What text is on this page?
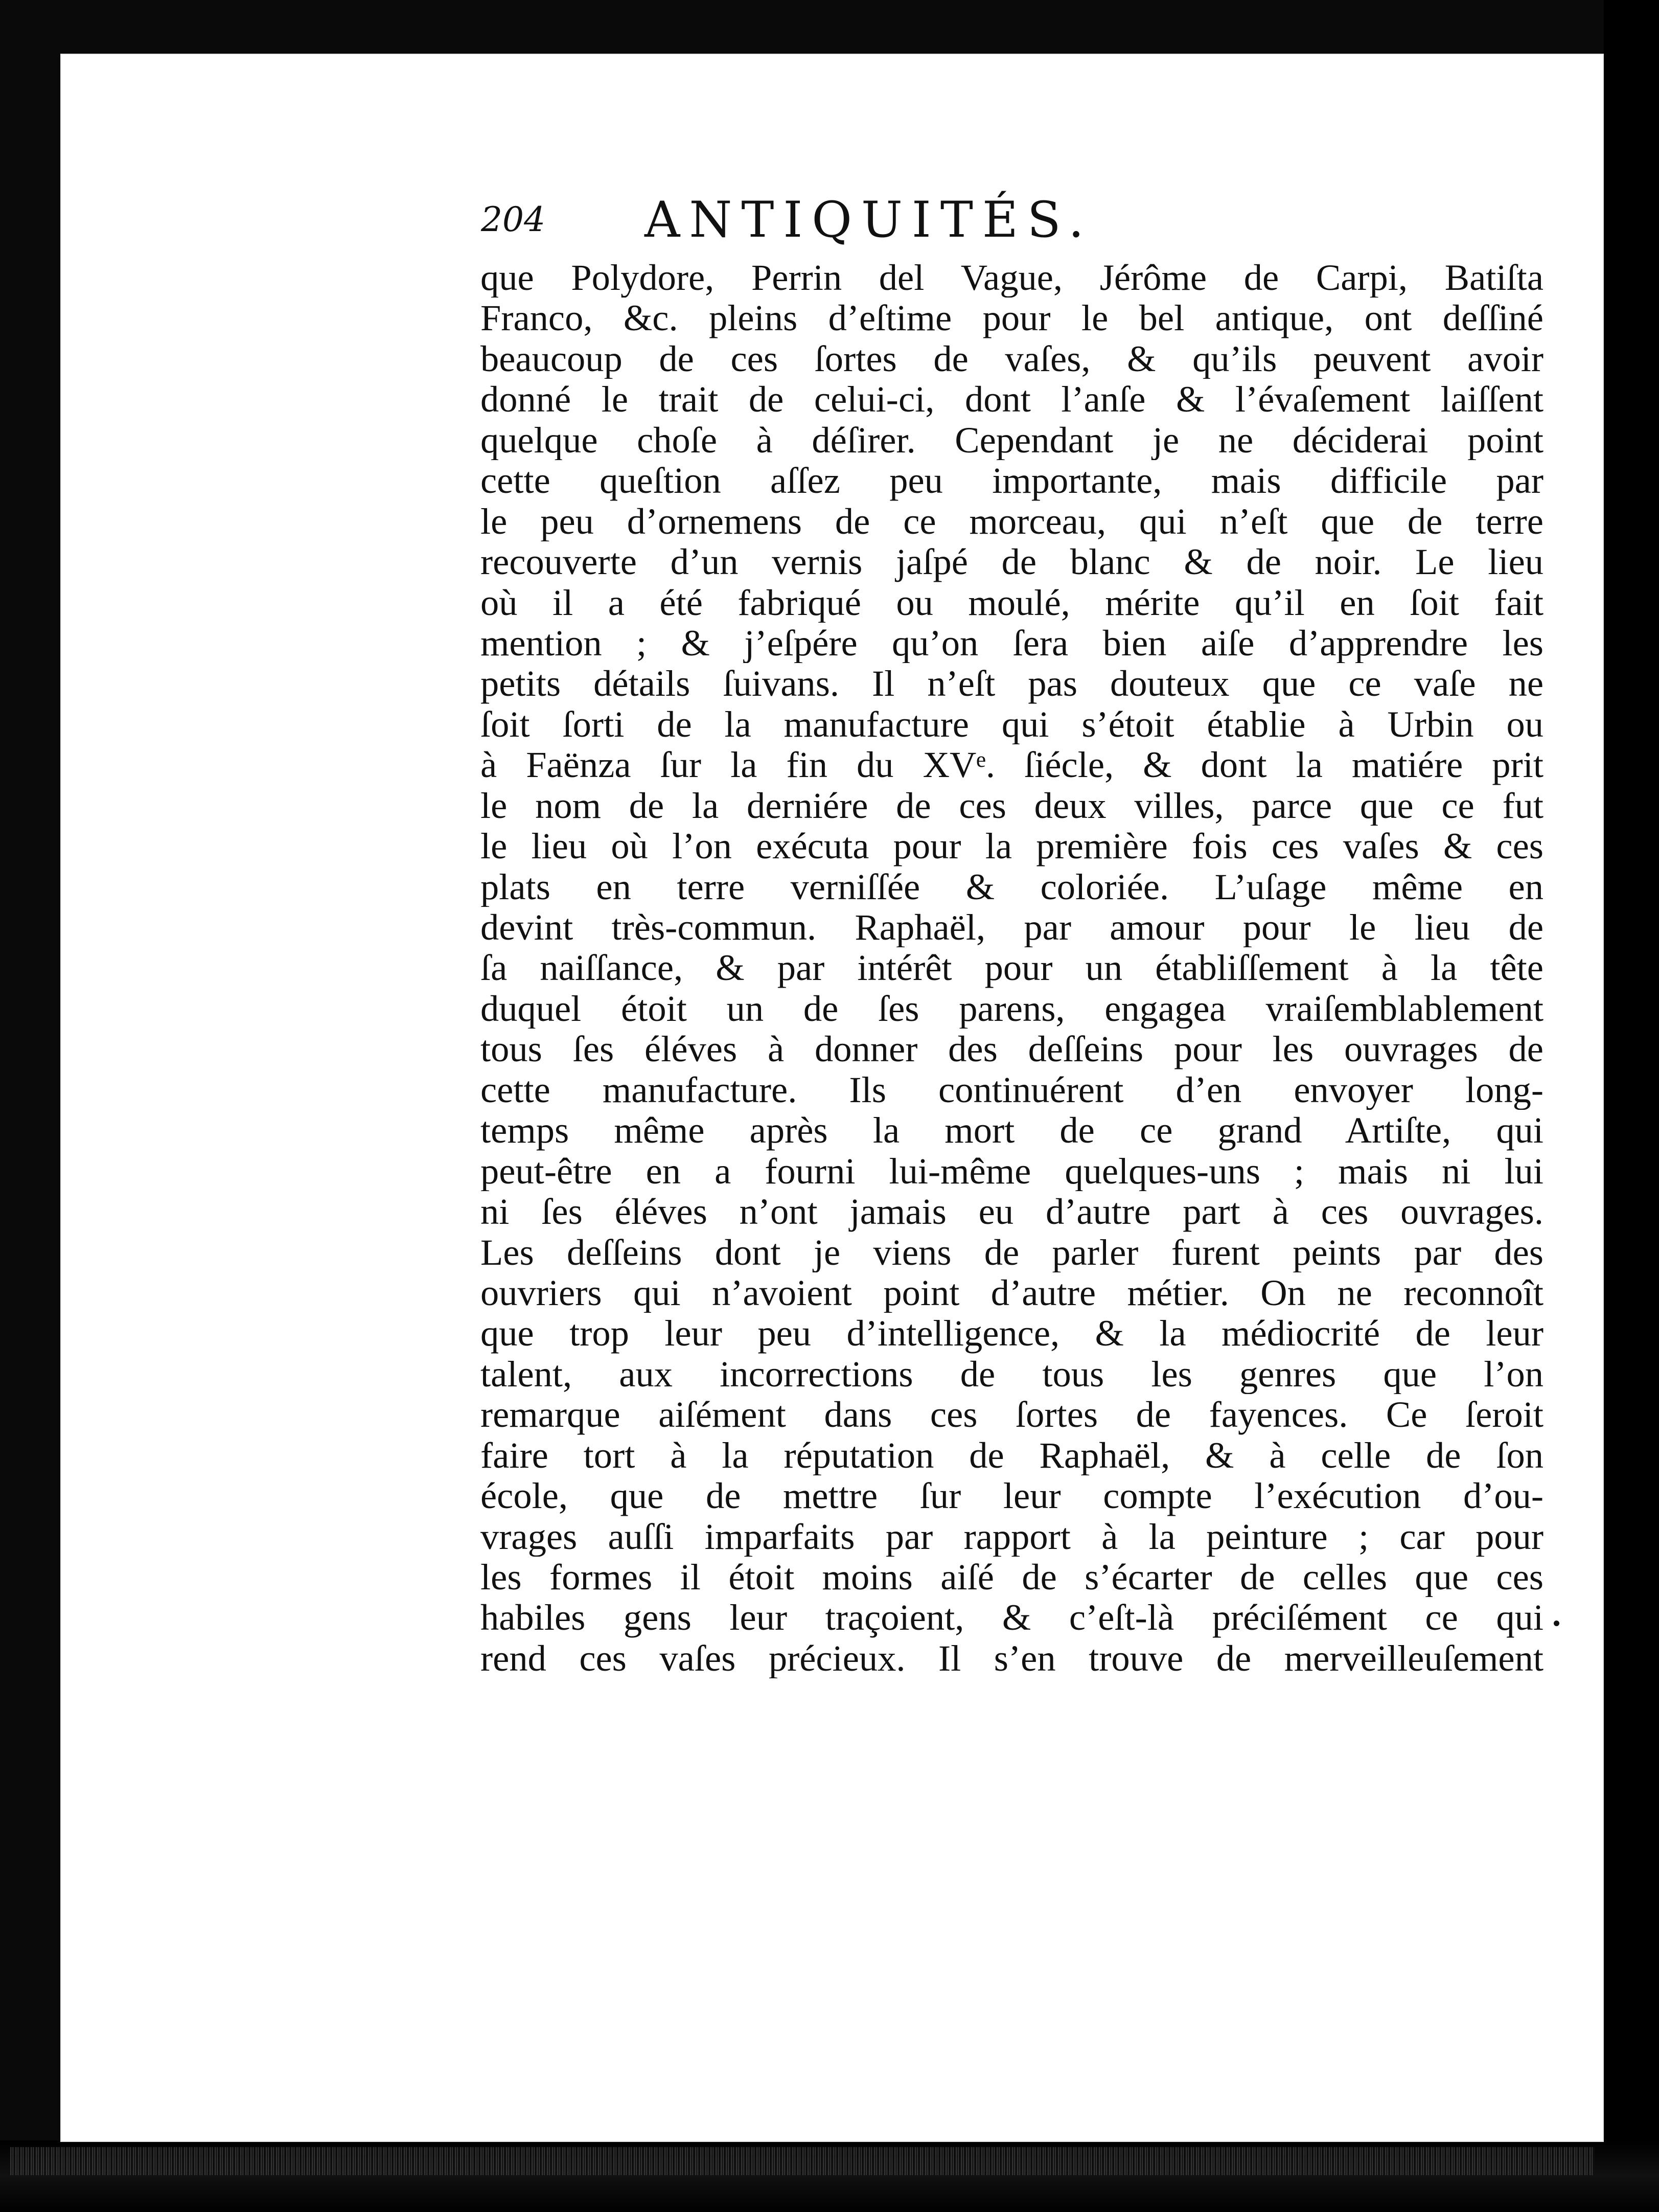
204 ANTIQUITÉS.
que Polydore, Perrin del Vague, Jérôme de Carpi, Batiſta
Franco, &c. pleins d’eſtime pour le bel antique, ont deſſiné
beaucoup de ces ſortes de vaſes, & qu’ils peuvent avoir
donné le trait de celui-ci, dont l’anſe & l’évaſement laiſſent
quelque choſe à déſirer. Cependant je ne déciderai point
cette queſtion aſſez peu importante, mais difficile par
le peu d’ornemens de ce morceau, qui n’eſt que de terre
recouverte d’un vernis jaſpé de blanc & de noir. Le lieu
où il a été fabriqué ou moulé, mérite qu’il en ſoit fait
mention ; & j’eſpére qu’on ſera bien aiſe d’apprendre les
petits détails ſuivans. Il n’eſt pas douteux que ce vaſe ne
ſoit ſorti de la manufacture qui s’étoit établie à Urbin ou
à Faënza ſur la fin du XVᵉ. ſiécle, & dont la matiére prit
le nom de la derniére de ces deux villes, parce que ce fut
le lieu où l’on exécuta pour la première fois ces vaſes & ces
plats en terre verniſſée & coloriée. L’uſage même en
devint très-commun. Raphaël, par amour pour le lieu de
ſa naiſſance, & par intérêt pour un établiſſement à la tête
duquel étoit un de ſes parens, engagea vraiſemblablement
tous ſes éléves à donner des deſſeins pour les ouvrages de
cette manufacture. Ils continuérent d’en envoyer long-
temps même après la mort de ce grand Artiſte, qui
peut-être en a fourni lui-même quelques-uns ; mais ni lui
ni ſes éléves n’ont jamais eu d’autre part à ces ouvrages.
Les deſſeins dont je viens de parler furent peints par des
ouvriers qui n’avoient point d’autre métier. On ne reconnoît
que trop leur peu d’intelligence, & la médiocrité de leur
talent, aux incorrections de tous les genres que l’on
remarque aiſément dans ces ſortes de fayences. Ce ſeroit
faire tort à la réputation de Raphaël, & à celle de ſon
école, que de mettre ſur leur compte l’exécution d’ou-
vrages auſſi imparfaits par rapport à la peinture ; car pour
les formes il étoit moins aiſé de s’écarter de celles que ces
habiles gens leur traçoient, & c’eſt-là préciſément ce qui
rend ces vaſes précieux. Il s’en trouve de merveilleuſement
